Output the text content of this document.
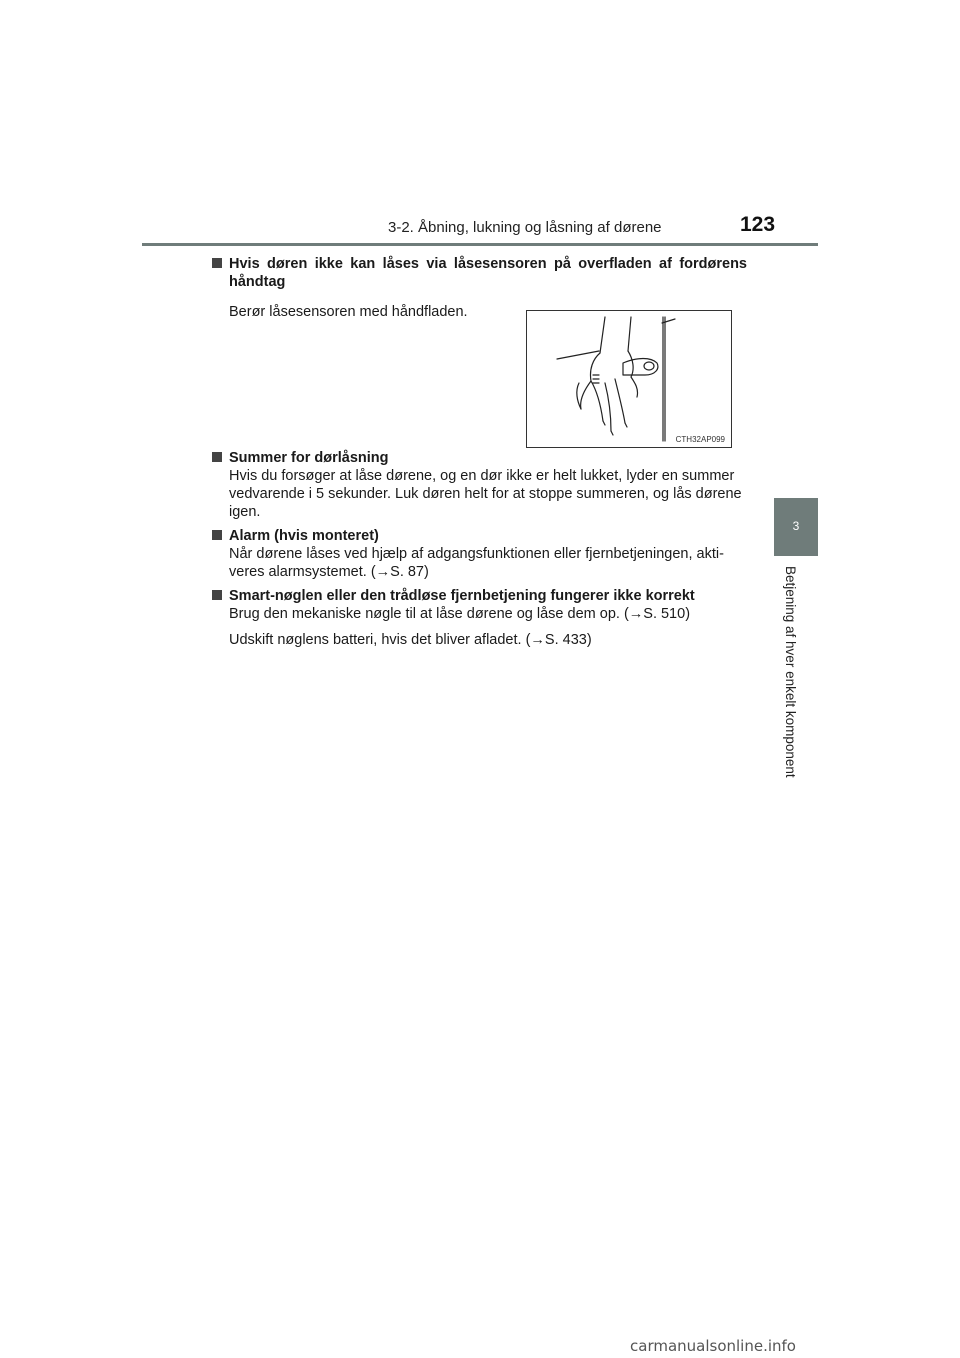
3-2. Åbning, lukning og låsning af dørene	123
3
Betjening af hver enkelt komponent
Hvis døren ikke kan låses via låsesensoren på overfladen af fordørens håndtag

Berør låsesensoren med håndfladen.

CTH32AP099
Summer for dørlåsning

Hvis du forsøger at låse dørene, og en dør ikke er helt lukket, lyder en summer vedvarende i 5 sekunder. Luk døren helt for at stoppe summeren, og lås dørene igen.

Alarm (hvis monteret)

Når dørene låses ved hjælp af adgangsfunktionen eller fjernbetjeningen, akti-veres alarmsystemet. (→S. 87)

Smart-nøglen eller den trådløse fjernbetjening fungerer ikke korrekt

Brug den mekaniske nøgle til at låse dørene og låse dem op. (→S. 510)

Udskift nøglens batteri, hvis det bliver afladet. (→S. 433)

carmanualsonline.info
